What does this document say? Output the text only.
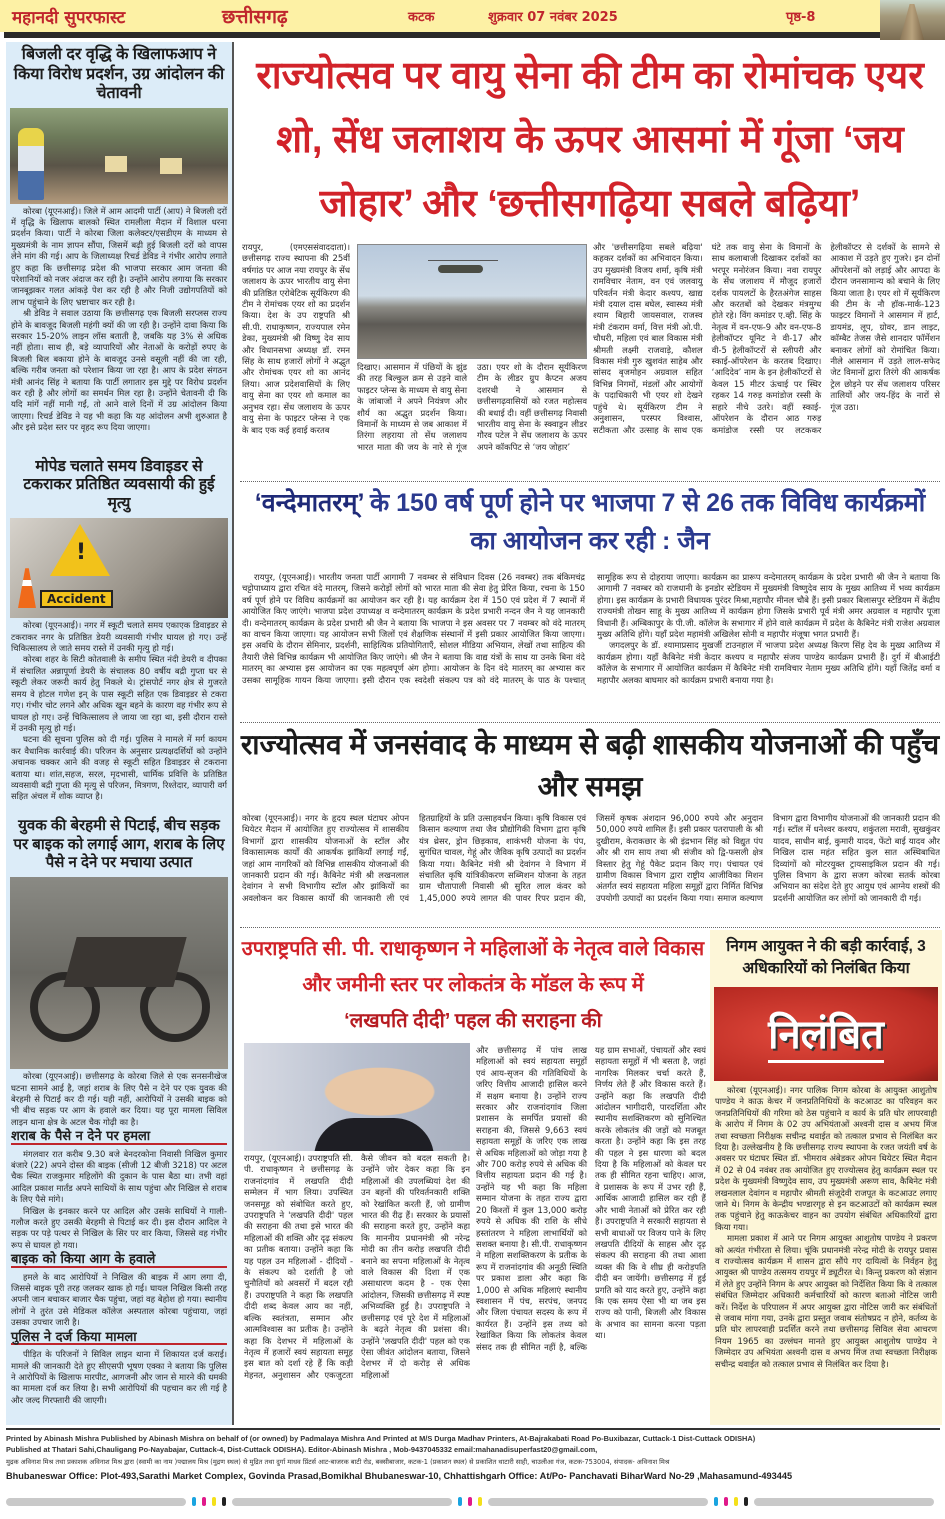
महानदी सुपरफास्ट	छत्तीसगढ़	कटक	शुक्रवार 07 नवंबर 2025	पृष्ठ-8
बिजली दर वृद्धि के खिलाफआप ने किया विरोध प्रदर्शन, उग्र आंदोलन की चेतावनी

कोरबा (यूएनआई)। जिले में आम आदमी पार्टी (आप) ने बिजली दरों में वृद्धि के खिलाफ बालको स्थित रामलीला मैदान में विशाल धरना प्रदर्शन किया। पार्टी ने कोरबा जिला कलेक्टर/एसडीएम के माध्यम से मुख्यमंत्री के नाम ज्ञापन सौंपा, जिसमें बढ़ी हुई बिजली दरों को वापस लेने मांग की गई। आप के जिलाध्यक्ष रिचर्ड डेविड ने गंभीर आरोप लगाते हुए कहा कि छत्तीसगढ़ प्रदेश की भाजपा सरकार आम जनता की परेशानियों को नजर अंदाज कर रही है। उन्होंने आरोप लगाया कि सरकार जानबूझकर गलत आंकड़े पेश कर रही है और निजी उद्योगपतियों को लाभ पहुंचाने के लिए भ्रष्टाचार कर रही है।

श्री डेविड ने सवाल उठाया कि छत्तीसगढ़ एक बिजली सरप्लस राज्य होने के बावजूद बिजली महंगी क्यों की जा रही है। उन्होंने दावा किया कि सरकार 15-20% लाइन लॉस बताती है, जबकि यह 3% से अधिक नहीं होता। साथ ही, बड़े व्यापारियों और नेताओं के करोड़ों रुपए के बिजली बिल बकाया होने के बावजूद उनसे वसूली नहीं की जा रही, बल्कि गरीब जनता को परेशान किया जा रहा है। आप के प्रदेश संगठन मंत्री आनंद सिंह ने बताया कि पार्टी लगातार इस मुद्दे पर विरोध प्रदर्शन कर रही है और लोगों का समर्थन मिल रहा है। उन्होंने चेतावनी दी कि यदि मांगें नहीं मानी गईं, तो आने वाले दिनों में उग्र आंदोलन किया जाएगा। रिचर्ड डेविड ने यह भी कहा कि यह आंदोलन अभी शुरुआत है और इसे प्रदेश स्तर पर वृहद रूप दिया जाएगा।

मोपेड चलाते समय डिवाइडर से टकराकर प्रतिष्ठित व्यवसायी की हुई मृत्यु
!
Accident

कोरबा (यूएनआई)। नगर में स्कूटी चलाते समय एकाएक डिवाइडर से टकराकर नगर के प्रतिष्ठित डेयरी व्यवसायी गंभीर घायल हो गए। उन्हें चिकित्सालय ले जाते समय रास्ते में उनकी मृत्यु हो गई।

कोरबा शहर के सिटी कोतवाली के समीप स्थित नंदी डेयरी व दीपका में संचालित अन्नापूर्णा डेयरी के संचालक 80 वर्षीय बद्री गुप्ता घर से स्कूटी लेकर जरूरी कार्य हेतु निकले थे। ट्रांसपोर्ट नगर क्षेत्र से गुजरते समय वे होटल गणेश इन् के पास स्कूटी सहित एक डिवाइडर से टकरा गए। गंभीर चोट लगने और अधिक खून बहने के कारण वह गंभीर रूप से घायल हो गए। उन्हें चिकित्सालय ले जाया जा रहा था, इसी दौरान रास्ते में उनकी मृत्यु हो गई।

घटना की सूचना पुलिस को दी गई। पुलिस ने मामले में मर्ग कायम कर वैधानिक कार्रवाई की। परिजन के अनुसार प्रत्यक्षदर्शियों को उन्होंने अचानक चक्कर आने की वजह से स्कूटी सहित डिवाइडर से टकराना बताया था। शांत,सहज, सरल, मृदभासी, धार्मिक प्रवित्ति के प्रतिष्ठित व्यवसायी बद्री गुप्ता की मृत्यु से परिजन, मित्रगण, रिश्तेदार, व्यापारी वर्ग सहित अंचल में शोक व्याप्त है।

युवक की बेरहमी से पिटाई, बीच सड़क पर बाइक को लगाई आग, शराब के लिए पैसे न देने पर मचाया उत्पात

कोरबा (यूएनआई)। छत्तीसगढ़ के कोरबा जिले से एक सनसनीखेज घटना सामने आई है, जहां शराब के लिए पैसे न देने पर एक युवक की बेरहमी से पिटाई कर दी गई। यही नहीं, आरोपियों ने उसकी बाइक को भी बीच सड़क पर आग के हवाले कर दिया। यह पूरा मामला सिविल लाइन थाना क्षेत्र के अटल चैक गोढ़ी का है।

शराब के पैसे न देने पर हमला

मंगलवार रात करीब 9.30 बजे बेनदरकोना निवासी निखिल कुमार बंजारे (22) अपने दोस्त की बाइक (सीजी 12 बीजी 3218) पर अटल चैक स्थित राजकुमार महिलोंगे की दुकान के पास बैठा था। तभी वहां आदिल प्रकाश मार्तंड अपने साथियों के साथ पहुंचा और निखिल से शराब के लिए पैसे मांगे।

निखिल के इनकार करने पर आदिल और उसके साथियों ने गाली-गलौज करते हुए उसकी बेरहमी से पिटाई कर दी। इस दौरान आदिल ने सड़क पर पड़े पत्थर से निखिल के सिर पर वार किया, जिससे वह गंभीर रूप से घायल हो गया।

बाइक को किया आग के हवाले

हमले के बाद आरोपियों ने निखिल की बाइक में आग लगा दी, जिससे बाइक पूरी तरह जलकर खाक हो गई। घायल निखिल किसी तरह अपनी जान बचाकर बाजार चैक पहुंचा, जहां वह बेहोश हो गया। स्थानीय लोगों ने तुरंत उसे मेडिकल कॉलेज अस्पताल कोरबा पहुंचाया, जहां उसका उपचार जारी है।

पुलिस ने दर्ज किया मामला

पीड़ित के परिजनों ने सिविल लाइन थाना में शिकायत दर्ज कराई। मामले की जानकारी देते हुए सीएसपी भूषण एक्का ने बताया कि पुलिस ने आरोपियों के खिलाफ मारपीट, आगजनी और जान से मारने की धमकी का मामला दर्ज कर लिया है। सभी आरोपियों की पहचान कर ली गई है और जल्द गिरफ्तारी की जाएगी।

राज्योत्सव पर वायु सेना की टीम का रोमांचक एयर शो, सेंध जलाशय के ऊपर आसमां में गूंजा ‘जय जोहार’ और ‘छत्तीसगढ़िया सबले बढ़िया’
रायपुर, (एमएससंवाददाता)। छत्तीसगढ़ राज्य स्थापना की 25वीं वर्षगांठ पर आज नया रायपुर के सेंध जलाशय के ऊपर भारतीय वायु सेना की प्रतिष्ठित एरोबेटिक सूर्यकिरण की टीम ने रोमांचक एयर शो का प्रदर्शन किया। देश के उप राष्ट्रपति श्री सी.पी. राधाकृष्णन, राज्यपाल रमेन डेका, मुख्यमंत्री श्री विष्णु देव साय और विधानसभा अध्यक्ष डॉ. रमन सिंह के साथ हजारों लोगों ने अद्भुत और रोमांचक एयर शो का आनंद लिया। आज प्रदेशवासियों के लिए वायु सेना का एयर शो कमाल का अनुभव रहा। सेंध जलाशय के ऊपर वायु सेना के फाइटर प्लेन्स ने एक के बाद एक कई हवाई करतब
दिखाए। आसमान में पंछियों के झुंड की तरह बिल्कुल क्रम से उड़ने वाले फाइटर प्लेन्स के माध्यम से वायु सेना के जांबाजों ने अपने नियंत्रण और शौर्य का अद्भुत प्रदर्शन किया। विमानों के माध्यम से जब आकाश में तिरंगा लहराया तो सेंध जलाशय भारत माता की जय के नारे से गूंज उठा। एयर शो के दौरान सूर्यकिरण टीम के लीडर ग्रुप कैप्टन अजय दशरथी ने आसमान से छत्तीसगढ़वासियों को रजत महोत्सव की बधाई दी। वहीं छत्तीसगढ़ निवासी भारतीय वायु सेना के स्क्वाड्रन लीडर गौरव पटेल ने सेंध जलाशय के ऊपर अपने कॉकपिट से ‘जय जोहार’
और 'छत्तीसगढ़िया सबले बढ़िया' कहकर दर्शकों का अभिवादन किया। उप मुख्यमंत्री विजय शर्मा, कृषि मंत्री रामविचार नेताम, वन एवं जलवायु परिवर्तन मंत्री केदार कश्यप, खाद्य मंत्री दयाल दास बघेल, स्वास्थ्य मंत्री श्याम बिहारी जायसवाल, राजस्व मंत्री टंकराम वर्मा, वित्त मंत्री ओ.पी. चौधरी, महिला एवं बाल विकास मंत्री श्रीमती लक्ष्मी राजवाड़े, कौशल विकास मंत्री गुरु खुशवंत साहेब और सांसद बृजमोहन अग्रवाल सहित विभिन्न निगमों, मंडलों और आयोगों के पदाधिकारी भी एयर शो देखने पहुंचे थे। सूर्यकिरण टीम ने अनुशासन, परस्पर विश्वास, सटीकता और उत्साह के साथ एक घंटे तक वायु सेना के विमानों के साथ कलाबाजी दिखाकर दर्शकों का भरपूर मनोरंजन किया। नवा रायपुर के सेंध जलाशय में मौजूद हजारों दर्शक पायलटों के हैरतअंगेज साहस और करतबों को देखकर मंत्रमुग्ध होते रहे। विंग कमांडर ए.व्ही. सिंह के नेतृत्व में वन-एफ-9 और वन-एफ-8 हेलीकॉप्टर यूनिट ने वी-17 और वी-5 हेलीकॉप्टरों से स्लीपरी और स्काई-ऑपरेशन के करतब दिखाए। ‘आदिदेव’ नाम के इन हेलीकॉप्टरों से केवल 15 मीटर ऊंचाई पर स्थिर रहकर 14 गरुड़ कमांडोज रस्सी के सहारे नीचे उतरे। वहीं स्काई-ऑपरेशन के दौरान आठ गरुड़ कमांडोज रस्सी पर लटककर हेलीकॉप्टर से दर्शकों के सामने से आकाश में उड़ते हुए गुजरे। इन दोनों ऑपरेशनों को लड़ाई और आपदा के दौरान जनसामान्य को बचाने के लिए किया जाता है। एयर शो में सूर्यकिरण की टीम के नौ हॉक-मार्क-123 फाइटर विमानों ने आसमान में हार्ट, डायमंड, लूप, ग्रोवर, डान लाइट, कॉम्बैट तेजस जैसे शानदार फॉर्मेशन बनाकर लोगों को रोमांचित किया। नीले आसमान में उड़ते लाल-सफेद जेट विमानों द्वारा तिरंगे की आकर्षक ट्रेल छोड़ने पर सेंध जलाशय परिसर तालियों और जय-हिंद के नारों से गूंज उठा।
‘वन्देमातरम्’ के 150 वर्ष पूर्ण होने पर भाजपा 7 से 26 तक विविध कार्यक्रमों का आयोजन कर रही : जैन

रायपुर, (यूएनआई)। भारतीय जनता पार्टी आगामी 7 नवम्बर से संविधान दिवस (26 नवम्बर) तक बंकिमचंद्र चट्टोपाध्याय द्वारा रचित वंदे मातरम्, जिसने करोड़ों लोगों को भारत माता की सेवा हेतु प्रेरित किया, रचना के 150 वर्ष पूर्ण होने पर विविध कार्यक्रमों का आयोजन कर रही है। यह कार्यक्रम देश में 150 एवं प्रदेश में 7 स्थानों में आयोजित किए जाएंगे। भाजपा प्रदेश उपाध्यक्ष व वन्देमातरम् कार्यक्रम के प्रदेश प्रभारी नन्दन जैन ने यह जानकारी दी। वन्देमातरम् कार्यक्रम के प्रदेश प्रभारी श्री जैन ने बताया कि भाजपा ने इस अवसर पर 7 नवम्बर को वंदे मातरम् का वाचन किया जाएगा। यह आयोजन सभी जिलों एवं शैक्षणिक संस्थानों में इसी प्रकार आयोजित किया जाएगा। इस अवधि के दौरान सेमिनार, प्रदर्शनी, साहित्यिक प्रतियोगिताएँ, सोशल मीडिया अभियान, लेखों तथा साहित्य की तैयारी जैसे विभिन्न कार्यक्रम भी आयोजित किए जाएंगे। श्री जैन ने बताया कि वाद्य यंत्रों के साथ या उनके बिना वंदे मातरम् का अभ्यास इस आयोजन का एक महत्वपूर्ण अंग होगा। आयोजन के दिन वंदे मातरम् का अभ्यास कर उसका सामूहिक गायन किया जाएगा। इसी दौरान एक स्वदेशी संकल्प पत्र को वंदे मातरम् के पाठ के पश्चात् सामूहिक रूप से दोहराया जाएगा। कार्यक्रम का प्रारूप वन्देमातरम् कार्यक्रम के प्रदेश प्रभारी श्री जैन ने बताया कि आगामी 7 नवम्बर को राजधानी के इनडोर स्टेडियम में मुख्यमंत्री विष्णुदेव साय के मुख्य आतिथ्य में भव्य कार्यक्रम होगा। इस कार्यक्रम के प्रभारी विधायक पुरंदर मिश्रा,महापौर मीनल चौबे हैं। इसी प्रकार बिलासपुर स्टेडियम में केंद्रीय राज्यमंत्री तोखन साहू के मुख्य आतिथ्य में कार्यक्रम होगा जिसके प्रभारी पूर्व मंत्री अमर अग्रवाल व महापौर पूजा विधानी हैं। अम्बिकापुर के पी.जी. कॉलेज के सभागार में होने वाले कार्यक्रम में प्रदेश के कैबिनेट मंत्री राजेश अग्रवाल मुख्य अतिथि होंगे। यहाँ प्रदेश महामंत्री अखिलेश सोनी व महापौर मंजूषा भगत प्रभारी हैं।

जगदलपुर के डॉ. श्यामाप्रसाद मुखर्जी टाउनहाल में भाजपा प्रदेश अध्यक्ष किरण सिंह देव के मुख्य आतिथ्य में कार्यक्रम होगा। यहाँ कैबिनेट मंत्री केदार कश्यप व महापौर संजय पाण्डेय कार्यक्रम प्रभारी हैं। दुर्ग में बीआईटी कॉलेज के सभागार में आयोजित कार्यक्रम में कैबिनेट मंत्री रामविचार नेताम मुख्य अतिथि होंगे। यहाँ जितेंद्र वर्मा व महापौर अलका बाघमार को कार्यक्रम प्रभारी बनाया गया है।

राज्योत्सव में जनसंवाद के माध्यम से बढ़ी शासकीय योजनाओं की पहुँच और समझ
कोरबा (यूएनआई)। नगर के हृदय स्थल घंटाघर ओपन थियेटर मैदान में आयोजित हुए राज्योत्सव में शासकीय विभागों द्वारा शासकीय योजनाओं के स्टॉल और विकासात्मक कार्यों की आकर्षक झांकियाँ लगाई गईं, जहां आम नागरिकों को विभिन्न शासकीय योजनाओं की जानकारी प्रदान की गई। कैबिनेट मंत्री श्री लखनलाल देवांगन ने सभी विभागीय स्टॉल और झांकियों का अवलोकन कर विकास कार्यों की जानकारी ली एवं हितग्राहियों के प्रति उत्साहवर्धन किया। कृषि विकास एवं किसान कल्याण तथा जैव प्रौद्योगिकी विभाग द्वारा कृषि यंत्र थ्रेसर, ड्रोन छिड़काव, शाकंभरी योजना के पंप, सुगंधित चावल, गेहूं और जैविक कृषि उत्पादों का प्रदर्शन किया गया। कैबिनेट मंत्री श्री देवांगन ने विभाग में संचालित कृषि यांत्रिकीकरण सब्मिशन योजना के तहत ग्राम चौतापाली निवासी श्री सुरित लाल कंवर को 1,45,000 रुपये लागत की पावर रिपर प्रदान की, जिसमें कृषक अंशदान 96,000 रुपये और अनुदान 50,000 रुपये शामिल हैं। इसी प्रकार पतरापाली के श्री दुखीराम, केराकछार के श्री इंद्रभान सिंह को विद्युत पंप और श्री राम साय तथा श्री संजीव को द्वि-फसली क्षेत्र विस्तार हेतु गेहूं पैकेट प्रदान किए गए। पंचायत एवं ग्रामीण विकास विभाग द्वारा राष्ट्रीय आजीविका मिशन अंतर्गत स्वयं सहायता महिला समूहों द्वारा निर्मित विभिन्न उपयोगी उत्पादों का प्रदर्शन किया गया। समाज कल्याण विभाग द्वारा विभागीय योजनाओं की जानकारी प्रदान की गई। स्टॉल में धनेश्वर कश्यप, शकुंतला मरावी, सुखकुंवर यादव, साधीन बाई, कुमारी यादव, फेंटो बाई यादव और निखिल दास महंत सहित कुल सात अस्थिबाधित दिव्यांगों को मोटरयुक्त ट्रायसाइकिल प्रदान की गई। पुलिस विभाग के द्वारा सजग कोरबा सतर्क कोरबा अभियान का संदेश देते हुए आयुध एवं आग्नेय शस्त्रों की प्रदर्शनी आयोजित कर लोगों को जानकारी दी गई।
उपराष्ट्रपति सी. पी. राधाकृष्णन ने महिलाओं के नेतृत्व वाले विकास और जमीनी स्तर पर लोकतंत्र के मॉडल के रूप में
‘लखपति दीदी’ पहल की सराहना की
रायपुर, (यूएनआई)। उपराष्ट्रपति सी. पी. राधाकृष्णन ने छत्तीसगढ़ के राजनांदगांव में लखपति दीदी सम्मेलन में भाग लिया। उपस्थित जनसमूह को संबोधित करते हुए, उपराष्ट्रपति ने 'लखपति दीदी' पहल की सराहना की तथा इसे भारत की महिलाओं की शक्ति और दृढ़ संकल्प का प्रतीक बताया। उन्होंने कहा कि यह पहल उन महिलाओं - दीदियों - के संकल्प को दर्शाती है जो चुनौतियों को अवसरों में बदल रही हैं। उपराष्ट्रपति ने कहा कि लखपति दीदी शब्द केवल आय का नहीं, बल्कि स्वतंत्रता, सम्मान और आत्मविश्वास का प्रतीक है। उन्होंने कहा कि देशभर में महिलाओं के नेतृत्व में हजारों स्वयं सहायता समूह इस बात को दर्शा रहे हैं कि कड़ी मेहनत, अनुशासन और एकजुटता कैसे जीवन को बदल सकती है। उन्होंने जोर देकर कहा कि इन महिलाओं की उपलब्धियां देश की उन बहनों की परिवर्तनकारी शक्ति को रेखांकित करती हैं, जो ग्रामीण भारत की रीढ़ हैं। सरकार के प्रयासों की सराहना करते हुए, उन्होंने कहा कि माननीय प्रधानमंत्री श्री नरेन्द्र मोदी का तीन करोड़ लखपति दीदी बनाने का सपना महिलाओं के नेतृत्व वाले विकास की दिशा में एक असाधारण कदम है - एक ऐसा आंदोलन, जिसकी छत्तीसगढ़ में स्पष्ट अभिव्यक्ति हुई है। उपराष्ट्रपति ने छत्तीसगढ़ एवं पूरे देश में महिलाओं के बढ़ते नेतृत्व की प्रशंसा की। उन्होंने 'लखपति दीदी' पहल को एक ऐसा जीवंत आंदोलन बताया, जिसने देशभर में दो करोड़ से अधिक महिलाओं
और छत्तीसगढ़ में पांच लाख महिलाओं को स्वयं सहायता समूहों एवं आय-सृजन की गतिविधियों के जरिए वित्तीय आजादी हासिल करने में सक्षम बनाया है। उन्होंने राज्य सरकार और राजनांदगांव जिला प्रशासन के समर्पित प्रयासों की सराहना की, जिससे 9,663 स्वयं सहायता समूहों के जरिए एक लाख से अधिक महिलाओं को जोड़ा गया है और 700 करोड़ रुपये से अधिक की वित्तीय सहायता प्रदान की गई है। उन्होंने यह भी कहा कि महिला सम्मान योजना के तहत राज्य द्वारा 20 किश्तों में कुल 13,000 करोड़ रुपये से अधिक की राशि के सीधे हस्तांतरण ने महिला लाभार्थियों को सशक्त बनाया है। सी.पी. राधाकृष्णन ने महिला सशक्तिकरण के प्रतीक के रूप में राजनांदगांव की अनूठी स्थिति पर प्रकाश डाला और कहा कि 1,000 से अधिक महिलाएं स्थानीय स्वशासन में पंच, सरपंच, जनपद और जिला पंचायत सदस्य के रूप में कार्यरत हैं। उन्होंने इस तथ्य को रेखांकित किया कि लोकतंत्र केवल संसद तक ही सीमित नहीं है, बल्कि यह ग्राम सभाओं, पंचायतों और स्वयं सहायता समूहों में भी बसता है, जहां नागरिक मिलकर चर्चा करते हैं, निर्णय लेते हैं और विकास करते हैं। उन्होंने कहा कि लखपति दीदी आंदोलन भागीदारी, पारदर्शिता और स्थानीय सशक्तिकरण को सुनिश्चित करके लोकतंत्र की जड़ों को मजबूत करता है। उन्होंने कहा कि इस तरह की पहल ने इस धारणा को बदल दिया है कि महिलाओं को केवल घर तक ही सीमित रहना चाहिए। आज, वे प्रशासक के रूप में उभर रही हैं, आर्थिक आजादी हासिल कर रही हैं और भावी नेताओं को प्रेरित कर रही हैं। उपराष्ट्रपति ने सरकारी सहायता से सभी बाधाओं पर विजय पाने के लिए लखपति दीदियों के साहस और दृढ़ संकल्प की सराहना की तथा आशा व्यक्त की कि वे शीघ्र ही करोड़पति दीदी बन जायेंगी। छत्तीसगढ़ में हुई प्रगति को याद करते हुए, उन्होंने कहा कि एक समय ऐसा भी था जब इस राज्य को पानी, बिजली और विकास के अभाव का सामना करना पड़ता था।
निगम आयुक्त ने की बड़ी कार्रवाई, 3 अधिकारियों को निलंबित किया
निलंबित

कोरबा (यूएनआई)। नगर पालिक निगम कोरबा के आयुक्त आशुतोष पाण्डेय ने काऊ केचर में जनप्रतिनिधियों के कटआउट का परिवहन कर जनप्रतिनिधियों की गरिमा को ठेस पहुंचाने व कार्य के प्रति घोर लापरवाही के आरोप में निगम के 02 उप अभियंताओं अश्वनी दास व अभय मिंज तथा स्वच्छता निरीक्षक सचीन्द्र थवाईत को तत्काल प्रभाव से निलंबित कर दिया है। उल्लेखनीय है कि छत्तीसगढ़ राज्य स्थापना के रजत जयंती वर्ष के अवसर पर घंटाघर स्थित डॉ. भीमराव अंबेडकर ओपन थियेटर स्थित मैदान में 02 से 04 नवंबर तक आयोजित हुए राज्योत्सव हेतु कार्यक्रम स्थल पर प्रदेश के मुख्यमंत्री विष्णुदेव साय, उप मुख्यमंत्री अरूण साव, कैबिनेट मंत्री लखनलाल देवांगन व महापौर श्रीमती संजूदेवी राजपूत के कटआउट लगाए जाने थे। निगम के केन्द्रीय भण्डारगृह से इन कटआउटों को कार्यक्रम स्थल तक पहुंचाने हेतु काऊकेचर वाहन का उपयोग संबंधित अधिकारियों द्वारा किया गया।

मामला प्रकाश में आने पर निगम आयुक्त आशुतोष पाण्डेय ने प्रकरण को अत्यंत गंभीरता से लिया। चूंकि प्रधानमंत्री नरेन्द्र मोदी के रायपुर प्रवास व राज्योत्सव कार्यक्रम में शासन द्वारा सौंपे गए दायित्वों के निर्वहन हेतु आयुक्त श्री पाण्डेय तत्समय रायपुर में ड्यूटीरत थे। किन्तु प्रकरण को संज्ञान में लेते हुए उन्होंने निगम के अपर आयुक्त को निर्देशित किया कि वे तत्काल संबंधित जिम्मेदार अधिकारी कर्मचारियों को कारण बताओ नोटिस जारी करें। निर्देश के परिपालन में अपर आयुक्त द्वारा नोटिस जारी कर संबंधितों से जवाब मांगा गया, उनके द्वारा प्रस्तुत जवाब संतोषप्रद न होने, कर्तव्य के प्रति घोर लापरवाही प्रदर्शित करने तथा छत्तीसगढ़ सिविल सेवा आचरण नियम 1965 का उल्लंघन मानते हुए आयुक्त आशुतोष पाण्डेय ने जिम्मेदार उप अभियंता अश्वनी दास व अभय मिंज तथा स्वच्छता निरीक्षक सचीन्द्र थवाईत को तत्काल प्रभाव से निलंबित कर दिया है।

Printed by Abinash Mishra Published by Abinash Mishra on behalf of (or owned) by Padmalaya Mishra And Printed at M/S Durga Madhav Printers, At-Bajrakabati Road Po-Buxibazar, Cuttack-1 Dist-Cuttack ODISHA)
Published at Thatari Sahi,Chauligang Po-Nayabajar, Cuttack-4, Dist-Cuttack ODISHA). Editor-Abinash Mishra , Mob-9437045332 email:mahanadisuperfast20@gmail.com,
मुद्रक अविनाश मिश्र तथा प्रकाशक अविनाश मिश्र द्वारा (स्वामी का नाम )पद्मालय मिश्र (मुद्रण स्थल) से मुद्रित तथा दुर्गा माधव प्रिंटर्स आट-बाजरक बाटी रोड, बक्सीबाजार, कटक-1 (प्रकाशन स्थल) से प्रकाशित थाटारी साही, चाउलीआ गंज, कटक-753004, संपादक- अविनाश मिश्र
Bhubaneswar Office: Plot-493,Sarathi Market Complex, Govinda Prasad,Bomikhal Bhubaneswar-10, Chhattishgarh Office: At/Po- Panchavati BiharWard No-29 ,Mahasamund-493445
